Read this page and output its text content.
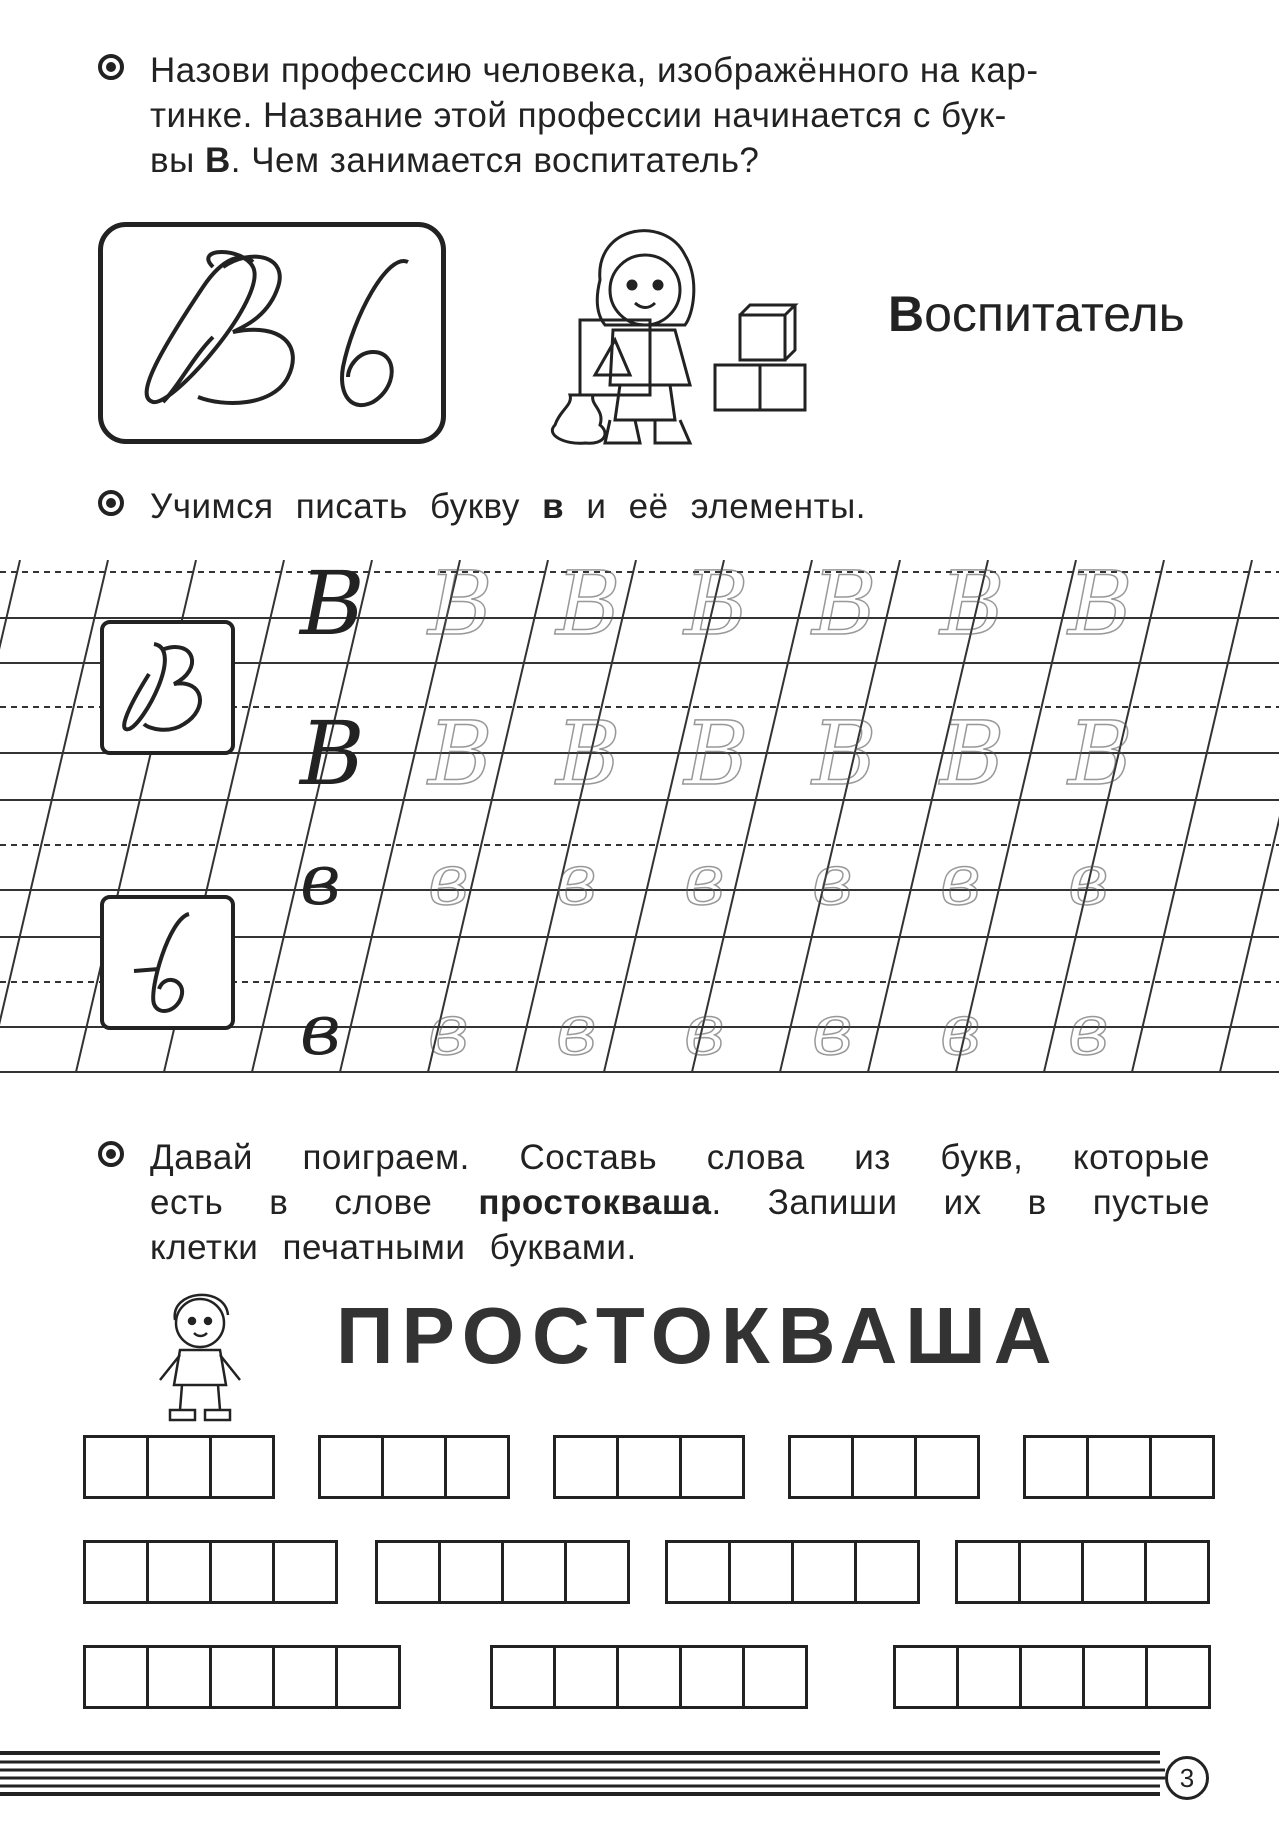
Назови профессию человека, изображённого на кар-
тинке. Название этой профессии начинается с бук-
вы В. Чем занимается воспитатель?
Воспитатель
Учимся писать букву в и её элементы.
В В В В В В В
В В В В В В В
в в в в в в в
в в в в в в в
Давай поиграем. Составь слова из букв, которые
есть в слове простокваша. Запиши их в пустые
клетки печатными буквами.
ПРОСТОКВАША
3
